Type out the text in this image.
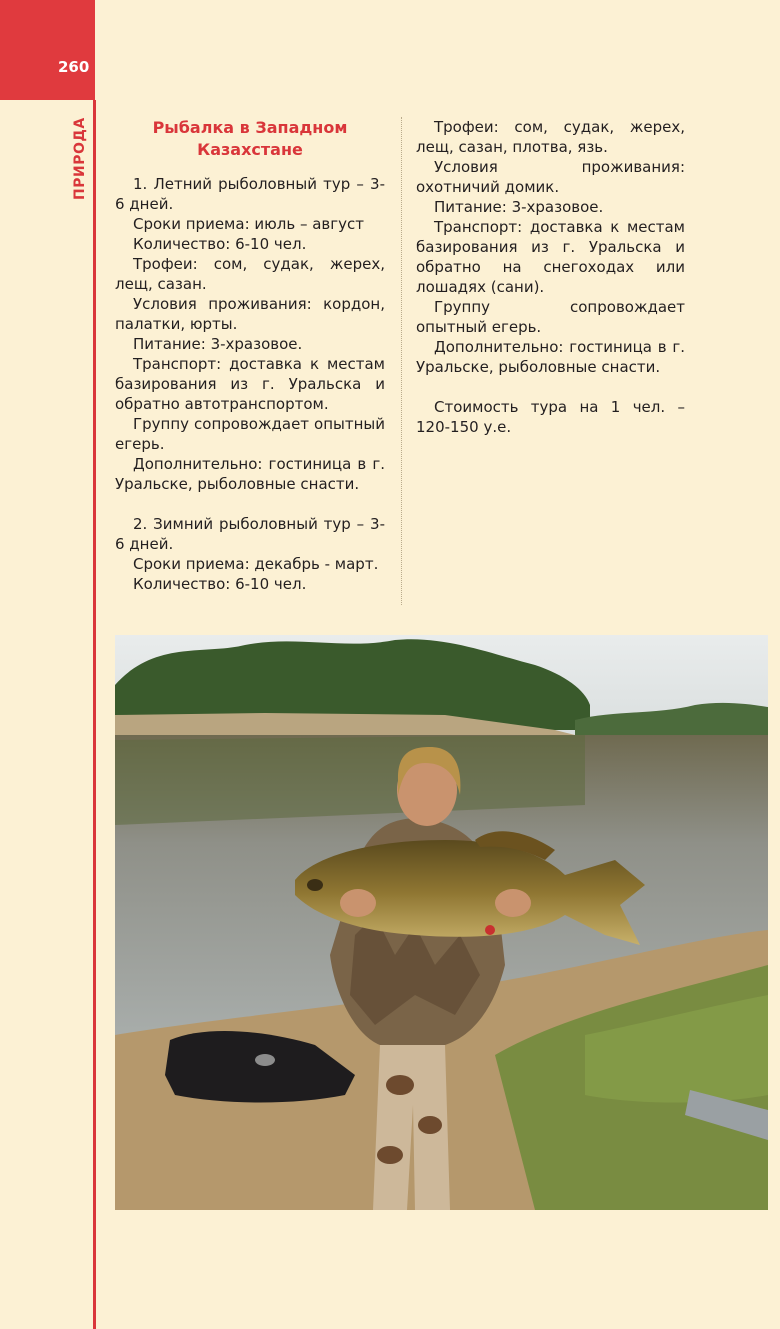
260
ПРИРОДА	Рыбалка в Западном Казахстане

1. Летний рыболовный тур – 3-6 дней.

Сроки приема: июль – август

Количество: 6-10 чел.

Трофеи: сом, судак, жерех, лещ, сазан.

Условия проживания: кордон, палатки, юрты.

Питание: 3-хразовое.

Транспорт: доставка к местам базирования из г. Уральска и обратно автотранспортом.

Группу сопровождает опытный егерь.

Дополнительно: гостиница в г. Уральске, рыболовные снасти.

2. Зимний рыболовный тур – 3-6 дней.

Сроки приема: декабрь - март.

Количество: 6-10 чел.

Трофеи: сом, судак, жерех, лещ, сазан, плотва, язь.

Условия проживания: охотничий домик.

Питание: 3-хразовое.

Транспорт: доставка к местам базирования из г. Уральска и обратно на снегоходах или лошадях (сани).

Группу сопровождает опытный егерь.

Дополнительно: гостиница в г. Уральске, рыболовные снасти.

Стоимость тура на 1 чел. – 120-150 у.е.
